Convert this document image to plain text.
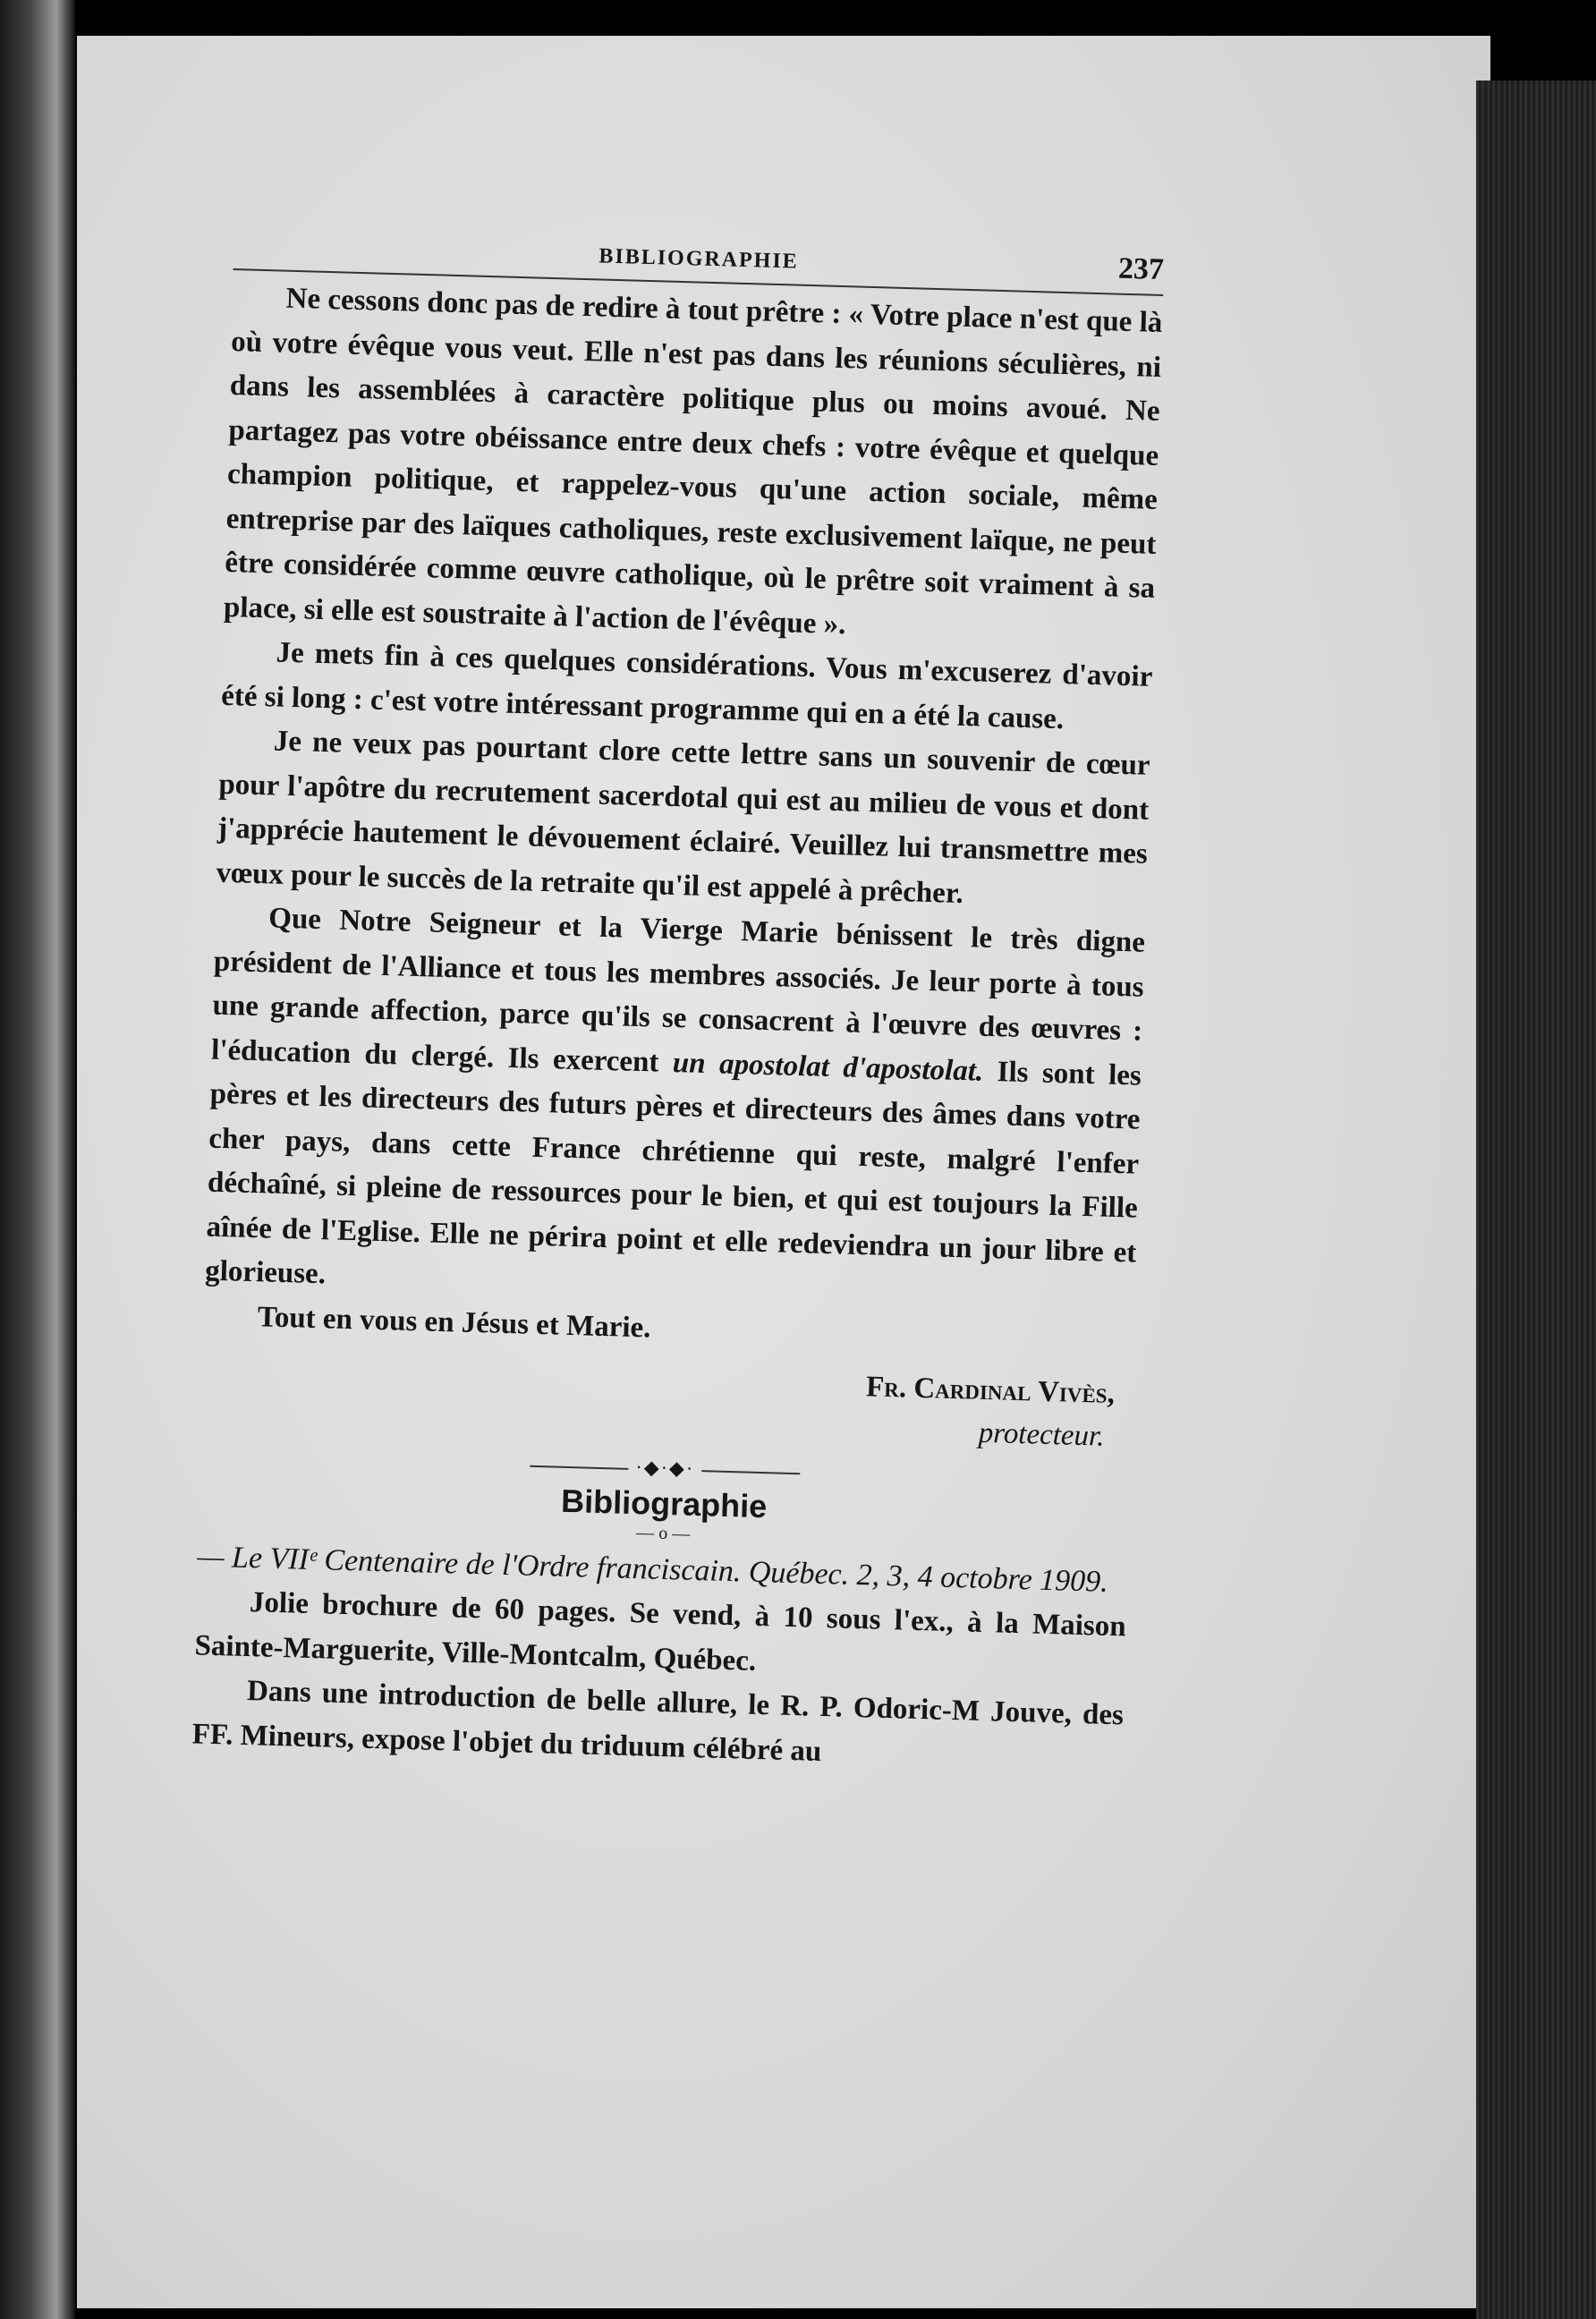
BIBLIOGRAPHIE	237

Ne cessons donc pas de redire à tout prêtre : « Votre place n'est que là où votre évêque vous veut. Elle n'est pas dans les réunions séculières, ni dans les assemblées à caractère politique plus ou moins avoué. Ne partagez pas votre obéissance entre deux chefs : votre évêque et quelque champion politique, et rappelez-vous qu'une action sociale, même entreprise par des laïques catholiques, reste exclusivement laïque, ne peut être considérée comme œuvre catholique, où le prêtre soit vraiment à sa place, si elle est soustraite à l'action de l'évêque ».

Je mets fin à ces quelques considérations. Vous m'excuserez d'avoir été si long : c'est votre intéressant programme qui en a été la cause.

Je ne veux pas pourtant clore cette lettre sans un souvenir de cœur pour l'apôtre du recrutement sacerdotal qui est au milieu de vous et dont j'apprécie hautement le dévouement éclairé. Veuillez lui transmettre mes vœux pour le succès de la retraite qu'il est appelé à prêcher.

Que Notre Seigneur et la Vierge Marie bénissent le très digne président de l'Alliance et tous les membres associés. Je leur porte à tous une grande affection, parce qu'ils se consacrent à l'œuvre des œuvres : l'éducation du clergé. Ils exercent un apostolat d'apostolat. Ils sont les pères et les directeurs des futurs pères et directeurs des âmes dans votre cher pays, dans cette France chrétienne qui reste, malgré l'enfer déchaîné, si pleine de ressources pour le bien, et qui est toujours la Fille aînée de l'Eglise. Elle ne périra point et elle redeviendra un jour libre et glorieuse.

Tout en vous en Jésus et Marie.

Fr. Cardinal Vivès,
protecteur.
·◆·◆·
Bibliographie

— o —

— Le VIIᵉ Centenaire de l'Ordre franciscain. Québec. 2, 3, 4 octobre 1909.

Jolie brochure de 60 pages. Se vend, à 10 sous l'ex., à la Maison Sainte-Marguerite, Ville-Montcalm, Québec.

Dans une introduction de belle allure, le R. P. Odoric-M Jouve, des FF. Mineurs, expose l'objet du triduum célébré au
